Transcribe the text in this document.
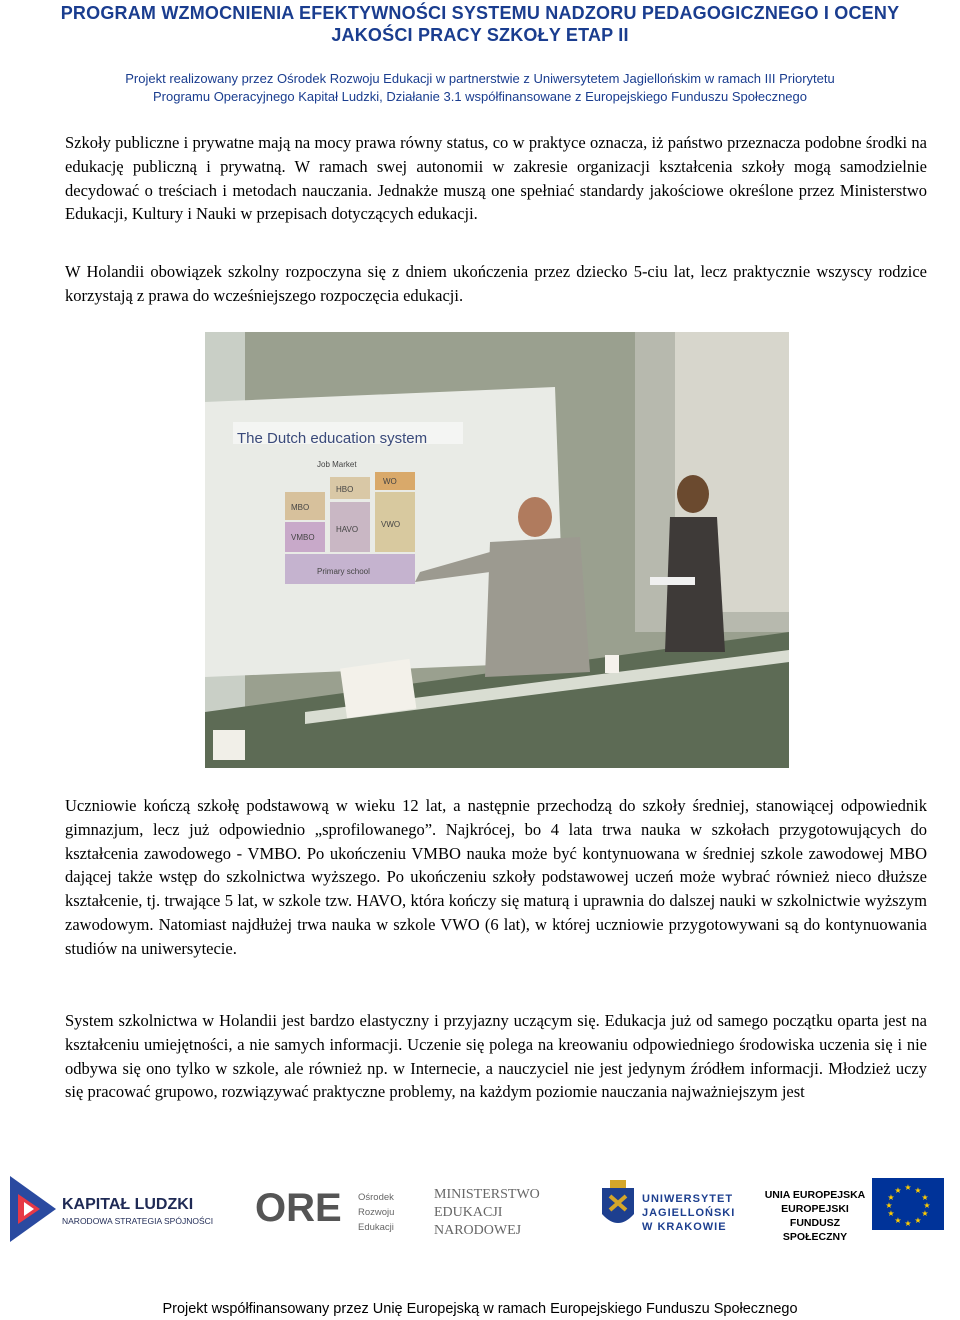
PROGRAM WZMOCNIENIA EFEKTYWNOŚCI SYSTEMU NADZORU PEDAGOGICZNEGO I OCENY
JAKOŚCI PRACY SZKOŁY ETAP II
Projekt realizowany przez Ośrodek Rozwoju Edukacji w partnerstwie z Uniwersytetem Jagiellońskim w ramach III Priorytetu
Programu Operacyjnego Kapitał Ludzki, Działanie 3.1 współfinansowane z Europejskiego Funduszu Społecznego

Szkoły publiczne i prywatne mają na mocy prawa równy status, co w praktyce oznacza, iż państwo przeznacza podobne środki na edukację publiczną i prywatną. W ramach swej autonomii w zakresie organizacji kształcenia szkoły mogą samodzielnie decydować o treściach i metodach nauczania. Jednakże muszą one spełniać standardy jakościowe określone przez Ministerstwo Edukacji, Kultury i Nauki w przepisach dotyczących edukacji.

W Holandii obowiązek szkolny rozpoczyna się z dniem ukończenia przez dziecko 5-ciu lat, lecz praktycznie wszyscy rodzice korzystają z prawa do wcześniejszego rozpoczęcia edukacji.

The Dutch education system
Job Market
VMBO
HAVO
VWO
MBO
HBO
WO
Primary school

Uczniowie kończą szkołę podstawową w wieku 12 lat, a następnie przechodzą do szkoły średniej, stanowiącej odpowiednik gimnazjum, lecz już odpowiednio „sprofilowanego”. Najkrócej, bo 4 lata trwa nauka w szkołach przygotowujących do kształcenia zawodowego - VMBO. Po ukończeniu VMBO nauka może być kontynuowana w średniej szkole zawodowej MBO dającej także wstęp do szkolnictwa wyższego. Po ukończeniu szkoły podstawowej uczeń może wybrać również nieco dłuższe kształcenie, tj. trwające 5 lat, w szkole tzw. HAVO, która kończy się maturą i uprawnia do dalszej nauki w szkolnictwie wyższym zawodowym. Natomiast najdłużej trwa nauka w szkole VWO (6 lat), w której uczniowie przygotowywani są do kontynuowania studiów na uniwersytecie.

System szkolnictwa w Holandii jest bardzo elastyczny i przyjazny uczącym się. Edukacja już od samego początku oparta jest na kształceniu umiejętności, a nie samych informacji. Uczenie się polega na kreowaniu odpowiedniego środowiska uczenia się i nie odbywa się ono tylko w szkole, ale również np. w Internecie, a nauczyciel nie jest jedynym źródłem informacji. Młodzież uczy się pracować grupowo, rozwiązywać praktyczne problemy, na każdym poziomie nauczania najważniejszym jest

KAPITAŁ LUDZKI
NARODOWA STRATEGIA SPÓJNOŚCI ORE Ośrodek
Rozwoju
Edukacji
MINISTERSTWO
EDUKACJI
NARODOWEJ
UNIWERSYTET
JAGIELLOŃSKI
W KRAKOWIE
UNIA EUROPEJSKA
EUROPEJSKI
FUNDUSZ SPOŁECZNY
★ ★
★
★
★
★
★
★
★
★
★
★
Projekt współfinansowany przez Unię Europejską w ramach Europejskiego Funduszu Społecznego
